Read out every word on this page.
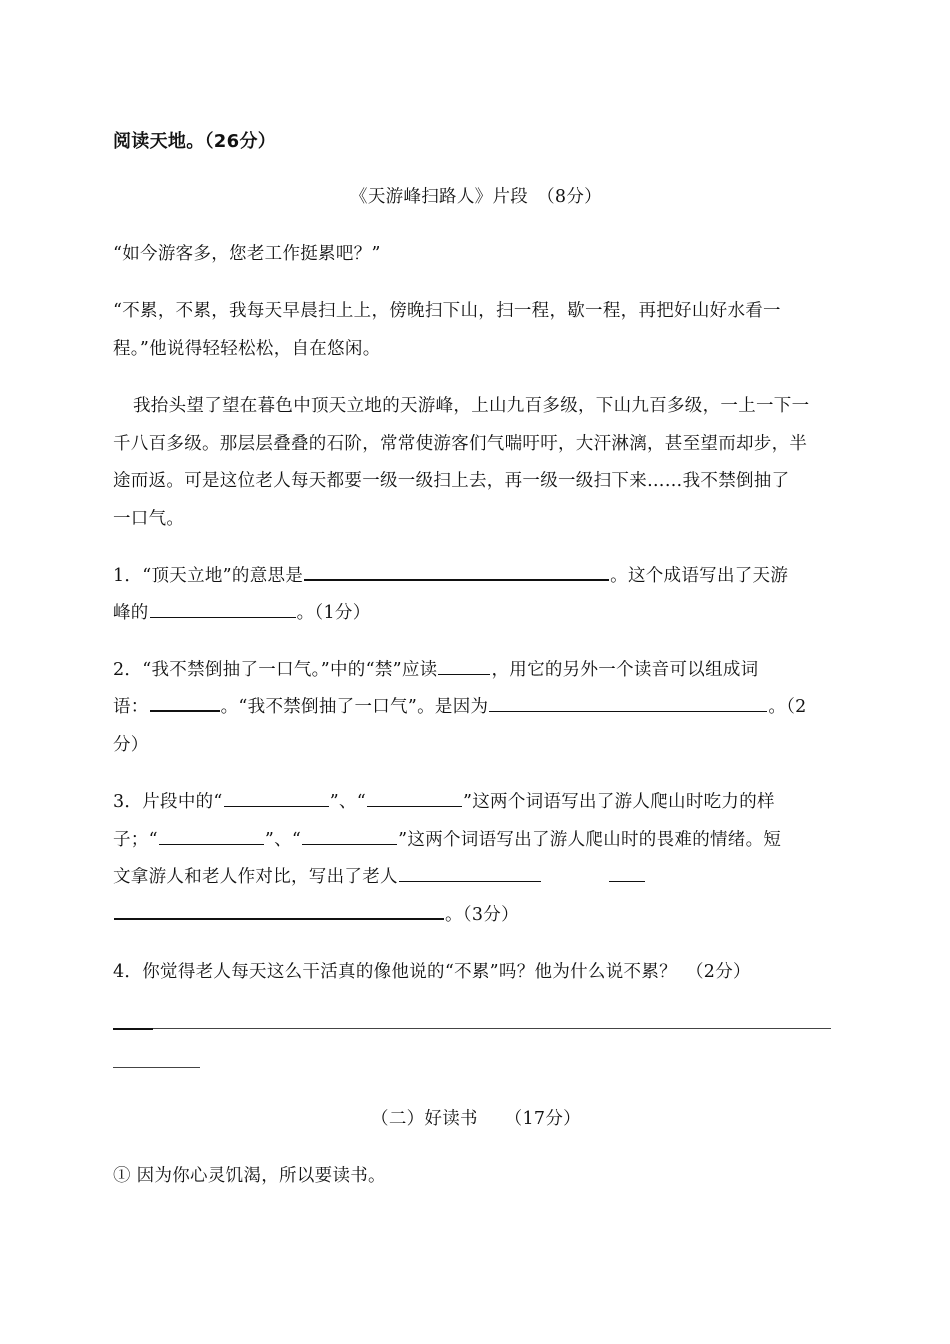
阅读天地。（26分）
《天游峰扫路人》片段　（8分）
“如今游客多，您老工作挺累吧？”
“不累，不累，我每天早晨扫上上，傍晚扫下山，扫一程，歇一程，再把好山好水看一
程。”他说得轻轻松松，自在悠闲。
我抬头望了望在暮色中顶天立地的天游峰，上山九百多级，下山九百多级，一上一下一
千八百多级。那层层叠叠的石阶，常常使游客们气喘吁吁，大汗淋漓，甚至望而却步，半
途而返。可是这位老人每天都要一级一级扫上去，再一级一级扫下来……我不禁倒抽了
一口气。
1．“顶天立地”的意思是	。这个成语写出了天游
峰的	。（1分）
2．“我不禁倒抽了一口气。”中的“禁”应读	，用它的另外一个读音可以组成词
语：	。“我不禁倒抽了一口气”。是因为	。（2
分）
3．片段中的“	”、“	”这两个词语写出了游人爬山时吃力的样
子；“	”、“	”这两个词语写出了游人爬山时的畏难的情绪。短
文拿游人和老人作对比，写出了老人
。（3分）
4．你觉得老人每天这么干活真的像他说的“不累”吗？他为什么说不累？　（2分）
（二）好读书　　（17分）
① 因为你心灵饥渴，所以要读书。
